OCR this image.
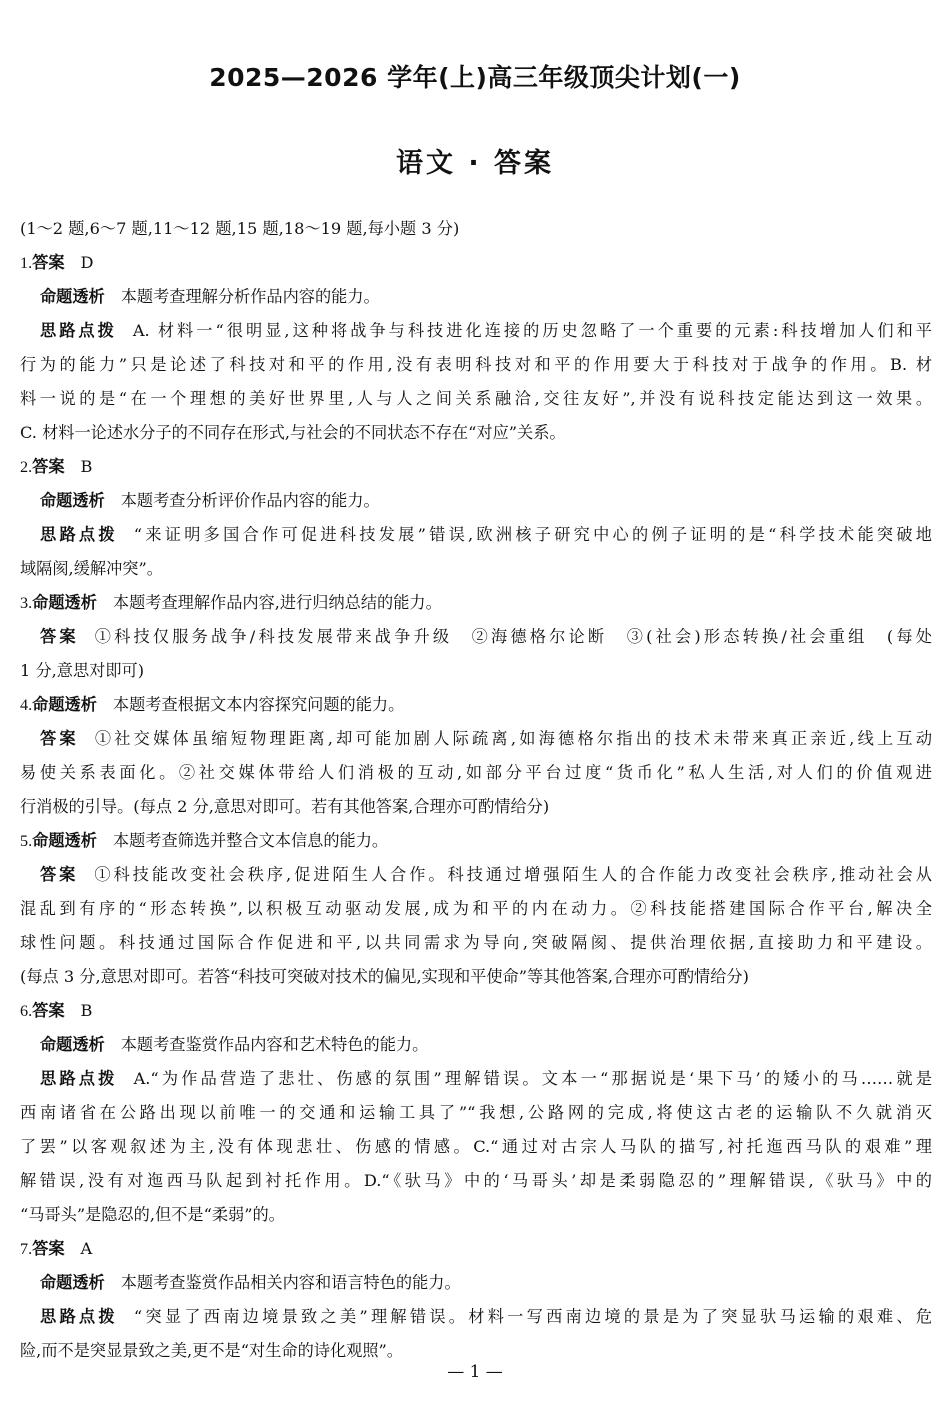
2025—2026 学年(上)高三年级顶尖计划(一)
语文 · 答案
(1～2 题,6～7 题,11～12 题,15 题,18～19 题,每小题 3 分)
1.答案 D
命题透析 本题考查理解分析作品内容的能力。
思路点拨 A. 材料一“很明显,这种将战争与科技进化连接的历史忽略了一个重要的元素:科技增加人们和平
行为的能力”只是论述了科技对和平的作用,没有表明科技对和平的作用要大于科技对于战争的作用。B. 材
料一说的是“在一个理想的美好世界里,人与人之间关系融洽,交往友好”,并没有说科技定能达到这一效果。
C. 材料一论述水分子的不同存在形式,与社会的不同状态不存在“对应”关系。
2.答案 B
命题透析 本题考查分析评价作品内容的能力。
思路点拨 “来证明多国合作可促进科技发展”错误,欧洲核子研究中心的例子证明的是“科学技术能突破地
域隔阂,缓解冲突”。
3.命题透析 本题考查理解作品内容,进行归纳总结的能力。
答案 ①科技仅服务战争/科技发展带来战争升级　②海德格尔论断　③(社会)形态转换/社会重组　(每处
1 分,意思对即可)
4.命题透析 本题考查根据文本内容探究问题的能力。
答案 ①社交媒体虽缩短物理距离,却可能加剧人际疏离,如海德格尔指出的技术未带来真正亲近,线上互动
易使关系表面化。②社交媒体带给人们消极的互动,如部分平台过度“货币化”私人生活,对人们的价值观进
行消极的引导。(每点 2 分,意思对即可。若有其他答案,合理亦可酌情给分)
5.命题透析 本题考查筛选并整合文本信息的能力。
答案 ①科技能改变社会秩序,促进陌生人合作。科技通过增强陌生人的合作能力改变社会秩序,推动社会从
混乱到有序的“形态转换”,以积极互动驱动发展,成为和平的内在动力。②科技能搭建国际合作平台,解决全
球性问题。科技通过国际合作促进和平,以共同需求为导向,突破隔阂、提供治理依据,直接助力和平建设。
(每点 3 分,意思对即可。若答“科技可突破对技术的偏见,实现和平使命”等其他答案,合理亦可酌情给分)
6.答案 B
命题透析 本题考查鉴赏作品内容和艺术特色的能力。
思路点拨 A.“为作品营造了悲壮、伤感的氛围”理解错误。文本一“那据说是‘果下马’的矮小的马……就是
西南诸省在公路出现以前唯一的交通和运输工具了”“我想,公路网的完成,将使这古老的运输队不久就消灭
了罢”以客观叙述为主,没有体现悲壮、伤感的情感。C.“通过对古宗人马队的描写,衬托迤西马队的艰难”理
解错误,没有对迤西马队起到衬托作用。D.“《驮马》中的‘马哥头’却是柔弱隐忍的”理解错误,《驮马》中的
“马哥头”是隐忍的,但不是“柔弱”的。
7.答案 A
命题透析 本题考查鉴赏作品相关内容和语言特色的能力。
思路点拨 “突显了西南边境景致之美”理解错误。材料一写西南边境的景是为了突显驮马运输的艰难、危
险,而不是突显景致之美,更不是“对生命的诗化观照”。
— 1 —
